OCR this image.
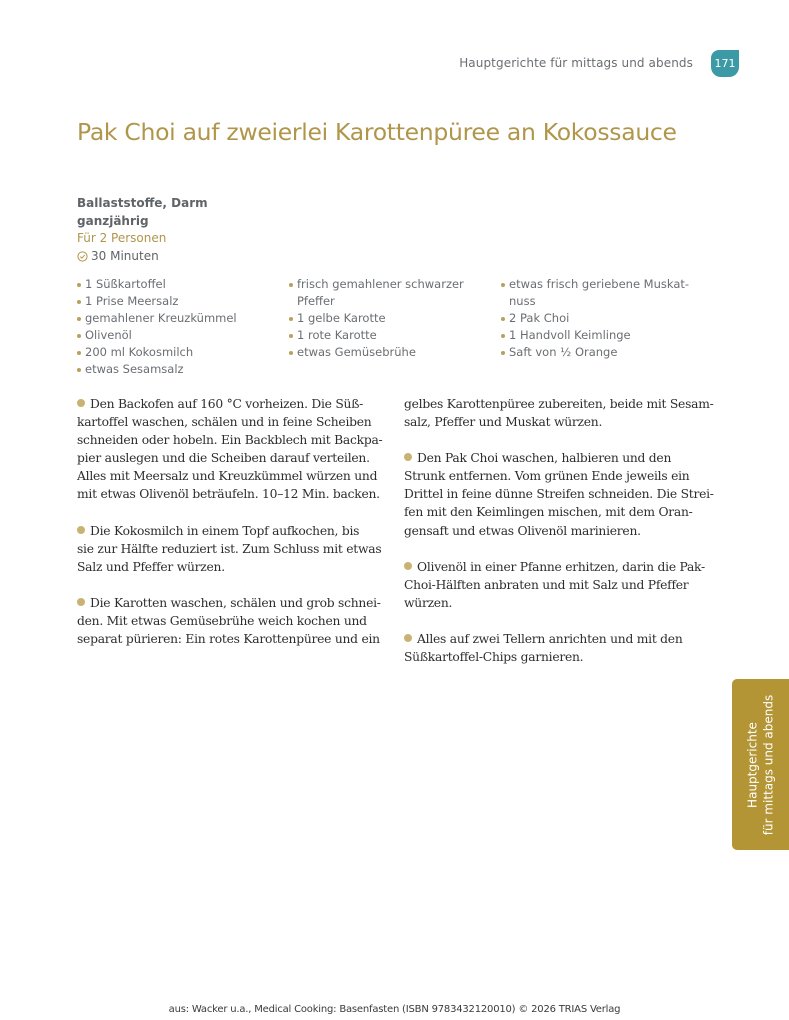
Hauptgerichte für mittags und abends	171
Pak Choi auf zweierlei Karottenpüree an Kokossauce
Ballaststoffe, Darm
ganzjährig
Für 2 Personen
30 Minuten
1 Süßkartoffel
1 Prise Meersalz
gemahlener Kreuzkümmel
Olivenöl
200 ml Kokosmilch
etwas Sesamsalz
frisch gemahlener schwarzer Pfeffer
1 gelbe Karotte
1 rote Karotte
etwas Gemüsebrühe
etwas frisch geriebene Muskat-nuss
2 Pak Choi
1 Handvoll Keimlinge
Saft von ½ Orange

Den Backofen auf 160 °C vorheizen. Die Süß-
kartoffel waschen, schälen und in feine Scheiben
schneiden oder hobeln. Ein Backblech mit Backpa-
pier auslegen und die Scheiben darauf verteilen.
Alles mit Meersalz und Kreuzkümmel würzen und
mit etwas Olivenöl beträufeln. 10–12 Min. backen.

Die Kokosmilch in einem Topf aufkochen, bis
sie zur Hälfte reduziert ist. Zum Schluss mit etwas
Salz und Pfeffer würzen.

Die Karotten waschen, schälen und grob schnei-
den. Mit etwas Gemüsebrühe weich kochen und
separat pürieren: Ein rotes Karottenpüree und ein

gelbes Karottenpüree zubereiten, beide mit Sesam-
salz, Pfeffer und Muskat würzen.

Den Pak Choi waschen, halbieren und den
Strunk entfernen. Vom grünen Ende jeweils ein
Drittel in feine dünne Streifen schneiden. Die Strei-
fen mit den Keimlingen mischen, mit dem Oran-
gensaft und etwas Olivenöl marinieren.

Olivenöl in einer Pfanne erhitzen, darin die Pak-
Choi-Hälften anbraten und mit Salz und Pfeffer
würzen.

Alles auf zwei Tellern anrichten und mit den
Süßkartoffel-Chips garnieren.

Hauptgerichte für mittags und abends
aus: Wacker u.a., Medical Cooking: Basenfasten (ISBN 9783432120010) © 2026 TRIAS Verlag
